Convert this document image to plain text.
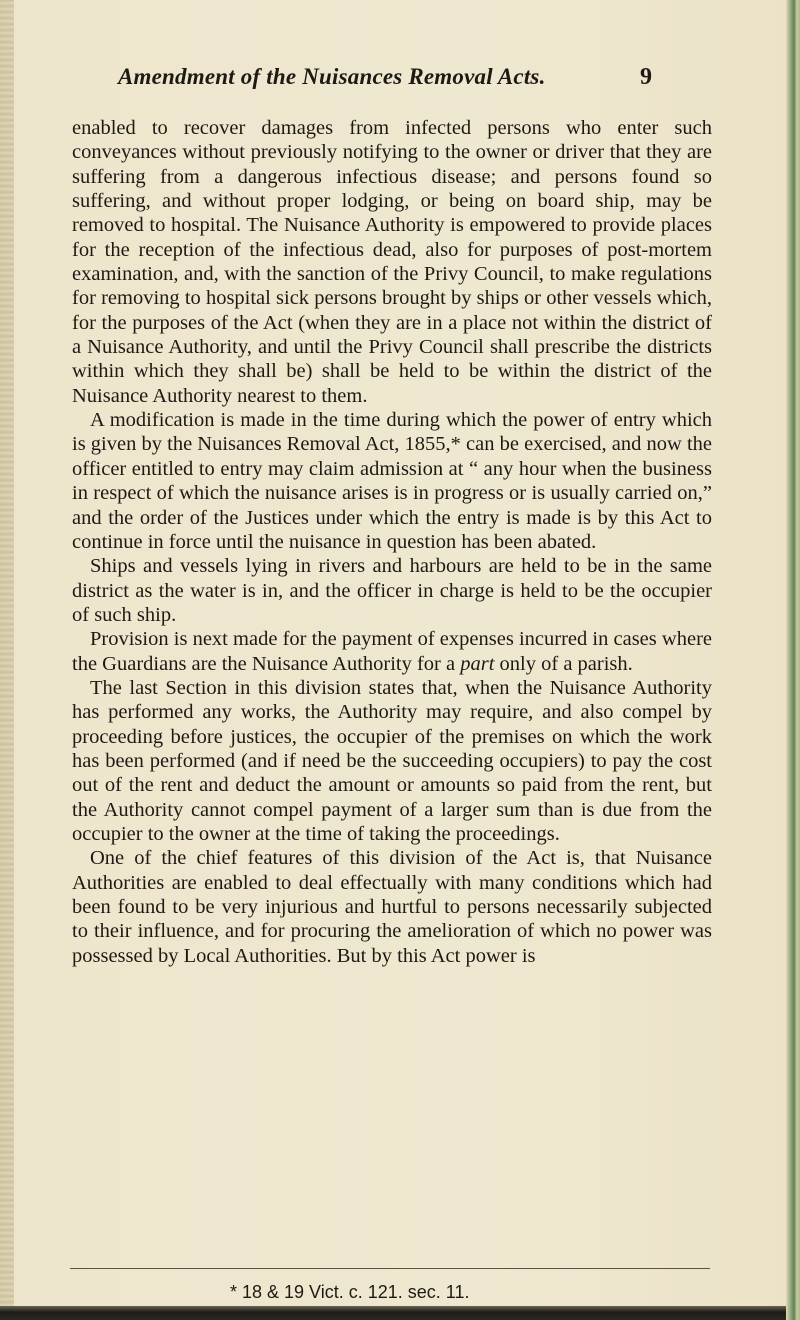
Amendment of the Nuisances Removal Acts.	9

enabled to recover damages from infected persons who enter such conveyances without previously notifying to the owner or driver that they are suffering from a dangerous infectious disease; and persons found so suffering, and without proper lodging, or being on board ship, may be removed to hospital. The Nuisance Authority is empowered to provide places for the reception of the infectious dead, also for purposes of post-mortem examination, and, with the sanction of the Privy Council, to make regulations for removing to hospital sick persons brought by ships or other vessels which, for the purposes of the Act (when they are in a place not within the district of a Nuisance Authority, and until the Privy Council shall prescribe the districts within which they shall be) shall be held to be within the district of the Nuisance Authority nearest to them.

A modification is made in the time during which the power of entry which is given by the Nuisances Removal Act, 1855,* can be exercised, and now the officer entitled to entry may claim admission at “ any hour when the business in respect of which the nuisance arises is in progress or is usually carried on,” and the order of the Justices under which the entry is made is by this Act to continue in force until the nuisance in question has been abated.

Ships and vessels lying in rivers and harbours are held to be in the same district as the water is in, and the officer in charge is held to be the occupier of such ship.

Provision is next made for the payment of expenses incurred in cases where the Guardians are the Nuisance Authority for a part only of a parish.

The last Section in this division states that, when the Nuisance Authority has performed any works, the Authority may require, and also compel by proceeding before justices, the occupier of the premises on which the work has been performed (and if need be the succeeding occupiers) to pay the cost out of the rent and deduct the amount or amounts so paid from the rent, but the Authority cannot compel payment of a larger sum than is due from the occupier to the owner at the time of taking the proceedings.

One of the chief features of this division of the Act is, that Nuisance Authorities are enabled to deal effectually with many conditions which had been found to be very injurious and hurtful to persons necessarily subjected to their influence, and for procuring the amelioration of which no power was possessed by Local Authorities. But by this Act power is

* 18 & 19 Vict. c. 121. sec. 11.
